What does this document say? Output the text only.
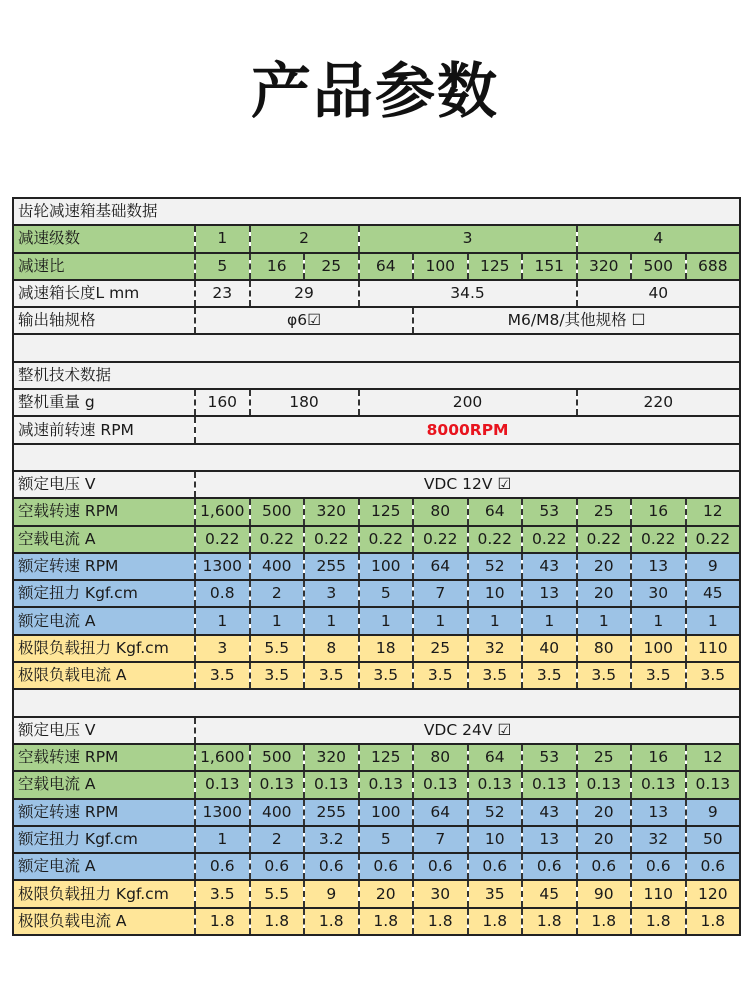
产品参数
齿轮减速箱基础数据										
减速级数	1	2		3				4		
减速比	5	16	25	64	100	125	151	320	500	688
减速箱长度L mm	23	29		34.5				40		
输出轴规格	φ6☑				M6/M8/其他规格 ☐					

整机技术数据										
整机重量 g	160	180		200				220		
减速前转速 RPM	8000RPM									

额定电压 V	VDC 12V ☑									
空载转速 RPM	1,600	500	320	125	80	64	53	25	16	12
空载电流 A	0.22	0.22	0.22	0.22	0.22	0.22	0.22	0.22	0.22	0.22
额定转速 RPM	1300	400	255	100	64	52	43	20	13	9
额定扭力 Kgf.cm	0.8	2	3	5	7	10	13	20	30	45
额定电流 A	1	1	1	1	1	1	1	1	1	1
极限负载扭力 Kgf.cm	3	5.5	8	18	25	32	40	80	100	110
极限负载电流 A	3.5	3.5	3.5	3.5	3.5	3.5	3.5	3.5	3.5	3.5

额定电压 V	VDC 24V ☑									
空载转速 RPM	1,600	500	320	125	80	64	53	25	16	12
空载电流 A	0.13	0.13	0.13	0.13	0.13	0.13	0.13	0.13	0.13	0.13
额定转速 RPM	1300	400	255	100	64	52	43	20	13	9
额定扭力 Kgf.cm	1	2	3.2	5	7	10	13	20	32	50
额定电流 A	0.6	0.6	0.6	0.6	0.6	0.6	0.6	0.6	0.6	0.6
极限负载扭力 Kgf.cm	3.5	5.5	9	20	30	35	45	90	110	120
极限负载电流 A	1.8	1.8	1.8	1.8	1.8	1.8	1.8	1.8	1.8	1.8
